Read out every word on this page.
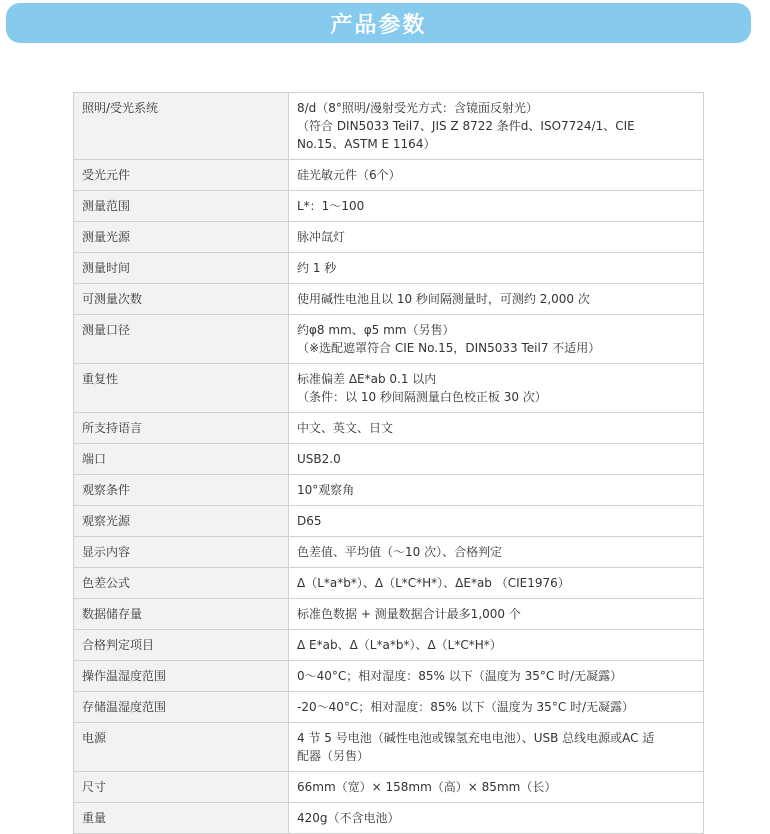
产品参数
照明/受光系统	8/d（8°照明/漫射受光方式：含镜面反射光）
（符合 DIN5033 Teil7、JIS Z 8722 条件d、ISO7724/1、CIE
No.15、ASTM E 1164）

受光元件	硅光敏元件（6个）

测量范围	L*：1～100

测量光源	脉冲氙灯

测量时间	约 1 秒

可测量次数	使用碱性电池且以 10 秒间隔测量时，可测约 2,000 次

测量口径	约φ8 mm、φ5 mm（另售）
（※选配遮罩符合 CIE No.15，DIN5033 Teil7 不适用）

重复性	标准偏差 ΔE*ab 0.1 以内
（条件：以 10 秒间隔测量白色校正板 30 次）

所支持语言	中文、英文、日文

端口	USB2.0

观察条件	10°观察角

观察光源	D65

显示内容	色差值、平均值（～10 次）、合格判定

色差公式	Δ（L*a*b*）、Δ（L*C*H*）、ΔE*ab （CIE1976）

数据储存量	标准色数据 + 测量数据合计最多1,000 个

合格判定项目	Δ E*ab、Δ（L*a*b*）、Δ（L*C*H*）

操作温湿度范围	0～40°C；相对湿度：85% 以下（温度为 35°C 时/无凝露）

存储温湿度范围	-20～40°C；相对湿度：85% 以下（温度为 35°C 时/无凝露）

电源	4 节 5 号电池（碱性电池或镍氢充电电池）、USB 总线电源或AC 适
配器（另售）

尺寸	66mm（宽）× 158mm（高）× 85mm（长）

重量	420g（不含电池）
